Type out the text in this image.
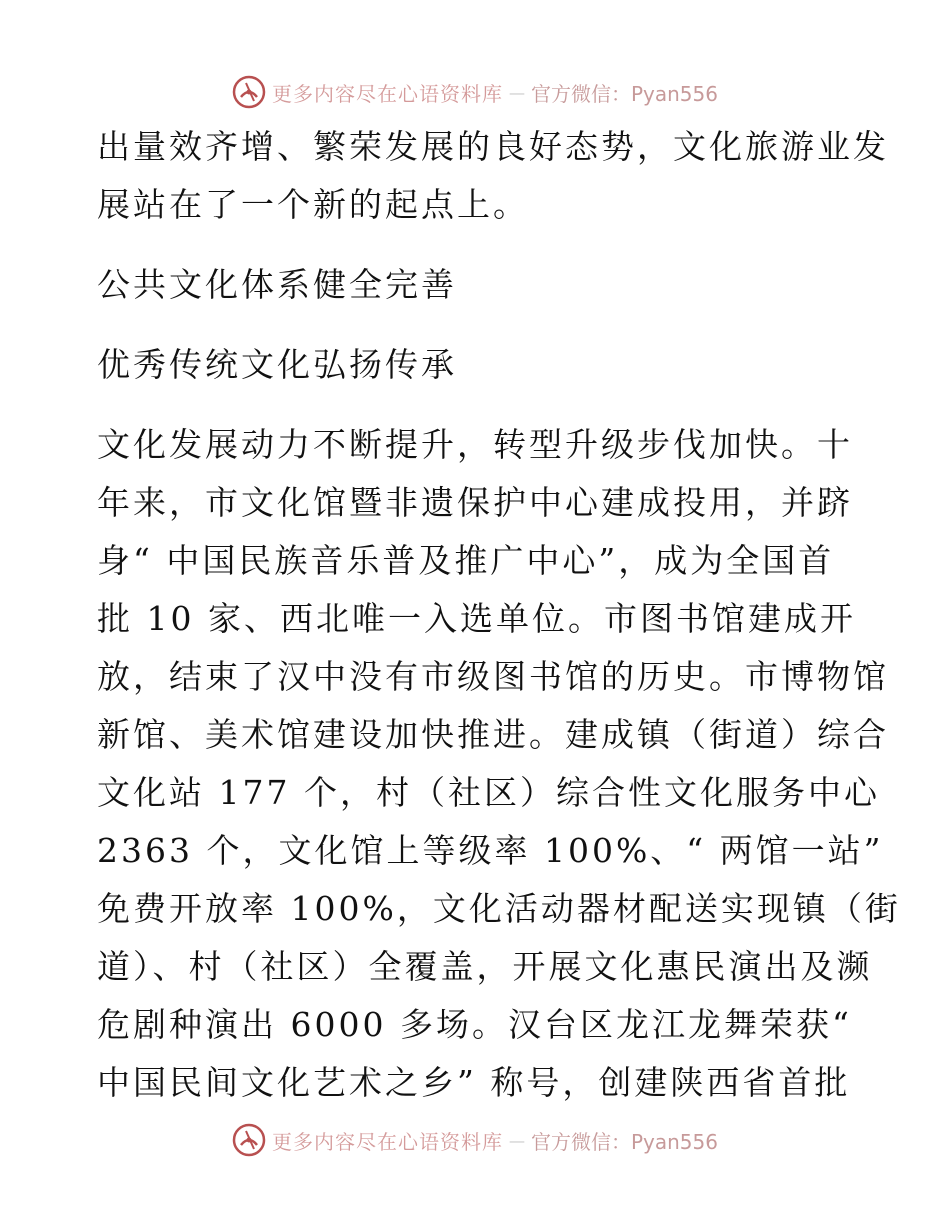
更多内容尽在心语资料库 — 官方微信：Pyan556
出量效齐增、繁荣发展的良好态势，文化旅游业发
展站在了一个新的起点上。
公共文化体系健全完善
优秀传统文化弘扬传承
文化发展动力不断提升，转型升级步伐加快。十
年来，市文化馆暨非遗保护中心建成投用，并跻
身“ 中国民族音乐普及推广中心”，成为全国首
批 10 家、西北唯一入选单位。市图书馆建成开
放，结束了汉中没有市级图书馆的历史。市博物馆
新馆、美术馆建设加快推进。建成镇（街道）综合
文化站 177 个，村（社区）综合性文化服务中心
2363 个，文化馆上等级率 100%、“ 两馆一站”
免费开放率 100%，文化活动器材配送实现镇（街
道）、村（社区）全覆盖，开展文化惠民演出及濒
危剧种演出 6000 多场。汉台区龙江龙舞荣获“
中国民间文化艺术之乡” 称号，创建陕西省首批
更多内容尽在心语资料库 — 官方微信：Pyan556
